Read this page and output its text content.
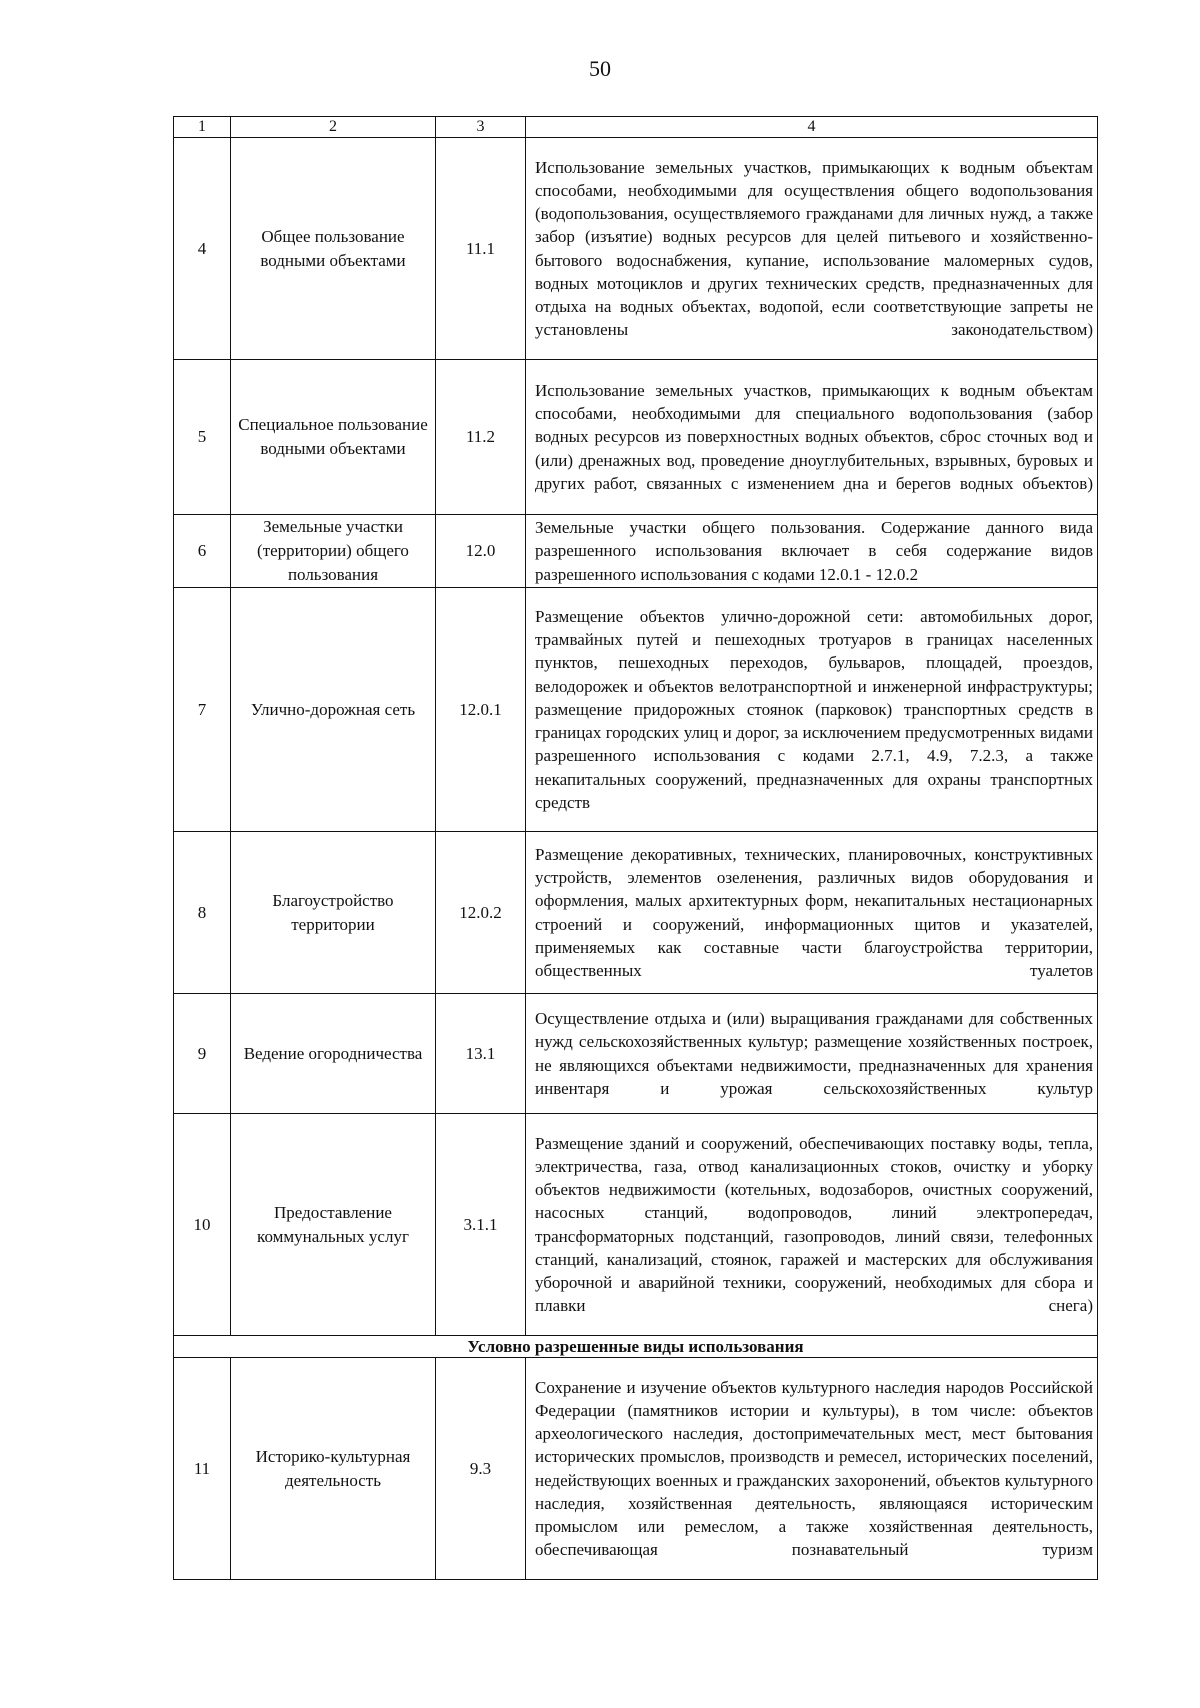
50
1	2	3	4
4	Общее пользование водными объектами	11.1	Использование земельных участков, примыкающих к водным объектам способами, необходимыми для осуществления общего водопользования (водопользования, осуществляемого гражданами для личных нужд, а также забор (изъятие) водных ресурсов для целей питьевого и хозяйственно-бытового водоснабжения, купание, использование маломерных судов, водных мотоциклов и других технических средств, предназначенных для отдыха на водных объектах, водопой, если соответствующие запреты не установлены законодательством)
5	Специальное пользование водными объектами	11.2	Использование земельных участков, примыкающих к водным объектам способами, необходимыми для специального водопользования (забор водных ресурсов из поверхностных водных объектов, сброс сточных вод и (или) дренажных вод, проведение дноуглубительных, взрывных, буровых и других работ, связанных с изменением дна и берегов водных объектов)
6	Земельные участки (территории) общего пользования	12.0	Земельные участки общего пользования. Содержание данного вида разрешенного использования включает в себя содержание видов разрешенного использования с кодами 12.0.1 - 12.0.2
7	Улично-дорожная сеть	12.0.1	Размещение объектов улично-дорожной сети: автомобильных дорог, трамвайных путей и пешеходных тротуаров в границах населенных пунктов, пешеходных переходов, бульваров, площадей, проездов, велодорожек и объектов велотранспортной и инженерной инфраструктуры; размещение придорожных стоянок (парковок) транспортных средств в границах городских улиц и дорог, за исключением предусмотренных видами разрешенного использования с кодами 2.7.1, 4.9, 7.2.3, а также некапитальных сооружений, предназначенных для охраны транспортных средств
8	Благоустройство территории	12.0.2	Размещение декоративных, технических, планировочных, конструктивных устройств, элементов озеленения, различных видов оборудования и оформления, малых архитектурных форм, некапитальных нестационарных строений и сооружений, информационных щитов и указателей, применяемых как составные части благоустройства территории, общественных туалетов
9	Ведение огородничества	13.1	Осуществление отдыха и (или) выращивания гражданами для собственных нужд сельскохозяйственных культур; размещение хозяйственных построек, не являющихся объектами недвижимости, предназначенных для хранения инвентаря и урожая сельскохозяйственных культур
10	Предоставление коммунальных услуг	3.1.1	Размещение зданий и сооружений, обеспечивающих поставку воды, тепла, электричества, газа, отвод канализационных стоков, очистку и уборку объектов недвижимости (котельных, водозаборов, очистных сооружений, насосных станций, водопроводов, линий электропередач, трансформаторных подстанций, газопроводов, линий связи, телефонных станций, канализаций, стоянок, гаражей и мастерских для обслуживания уборочной и аварийной техники, сооружений, необходимых для сбора и плавки снега)
Условно разрешенные виды использования			
11	Историко-культурная деятельность	9.3	Сохранение и изучение объектов культурного наследия народов Российской Федерации (памятников истории и культуры), в том числе: объектов археологического наследия, достопримечательных мест, мест бытования исторических промыслов, производств и ремесел, исторических поселений, недействующих военных и гражданских захоронений, объектов культурного наследия, хозяйственная деятельность, являющаяся историческим промыслом или ремеслом, а также хозяйственная деятельность, обеспечивающая познавательный туризм
